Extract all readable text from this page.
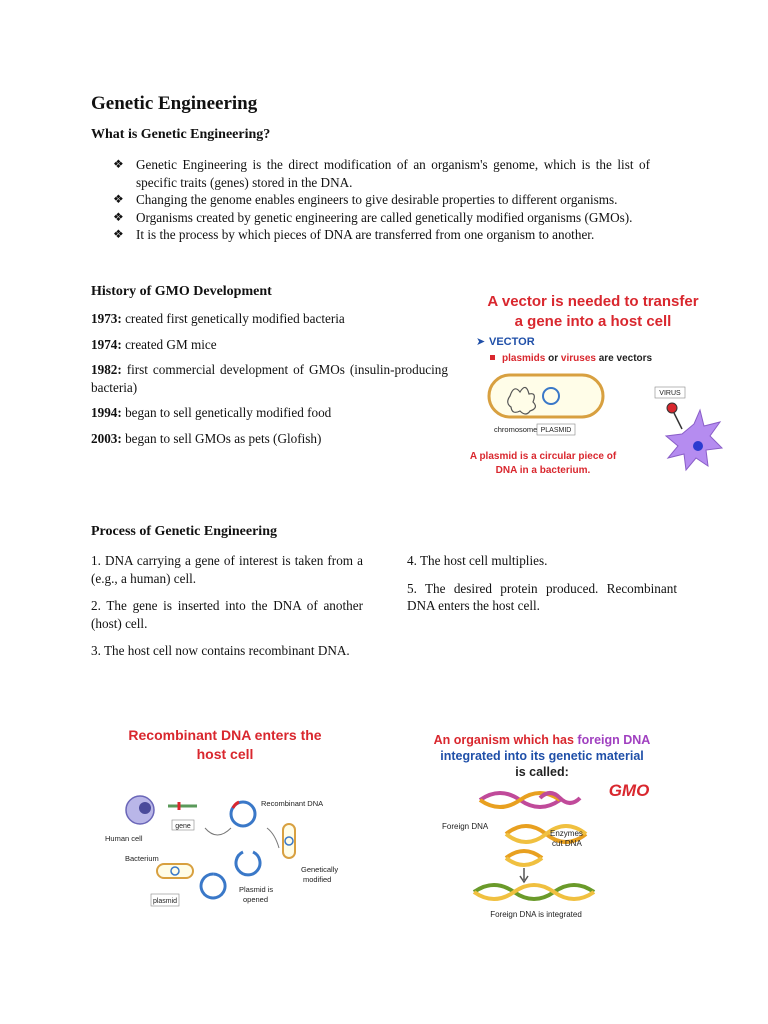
Genetic Engineering
What is Genetic Engineering?
❖ Genetic Engineering is the direct modification of an organism's genome, which is the list of specific traits (genes) stored in the DNA.
❖ Changing the genome enables engineers to give desirable properties to different organisms.
❖ Organisms created by genetic engineering are called genetically modified organisms (GMOs).
❖ It is the process by which pieces of DNA are transferred from one organism to another.
History of GMO Development

1973: created first genetically modified bacteria

1974: created GM mice

1982: first commercial development of GMOs (insulin-producing bacteria)

1994: began to sell genetically modified food

2003: began to sell GMOs as pets (Glofish)

A vector is needed to transfer
a gene into a host cell
➤ VECTOR
plasmids or viruses are vectors
chromosome PLASMID
VIRUS
A plasmid is a circular piece of
DNA in a bacterium.
Process of Genetic Engineering

1. DNA carrying a gene of interest is taken from a (e.g., a human) cell.

2. The gene is inserted into the DNA of another (host) cell.

3. The host cell now contains recombinant DNA.

4. The host cell multiplies.

5. The desired protein produced. Recombinant DNA enters the host cell.

Recombinant DNA enters the
host cell
Human cell
gene
Recombinant DNA
Genetically
modified
Bacterium
Plasmid is
opened
plasmid
An organism which has foreign DNA
integrated into its genetic material
is called:
GMO
Foreign DNA
Enzymes
cut DNA
Foreign DNA is integrated
